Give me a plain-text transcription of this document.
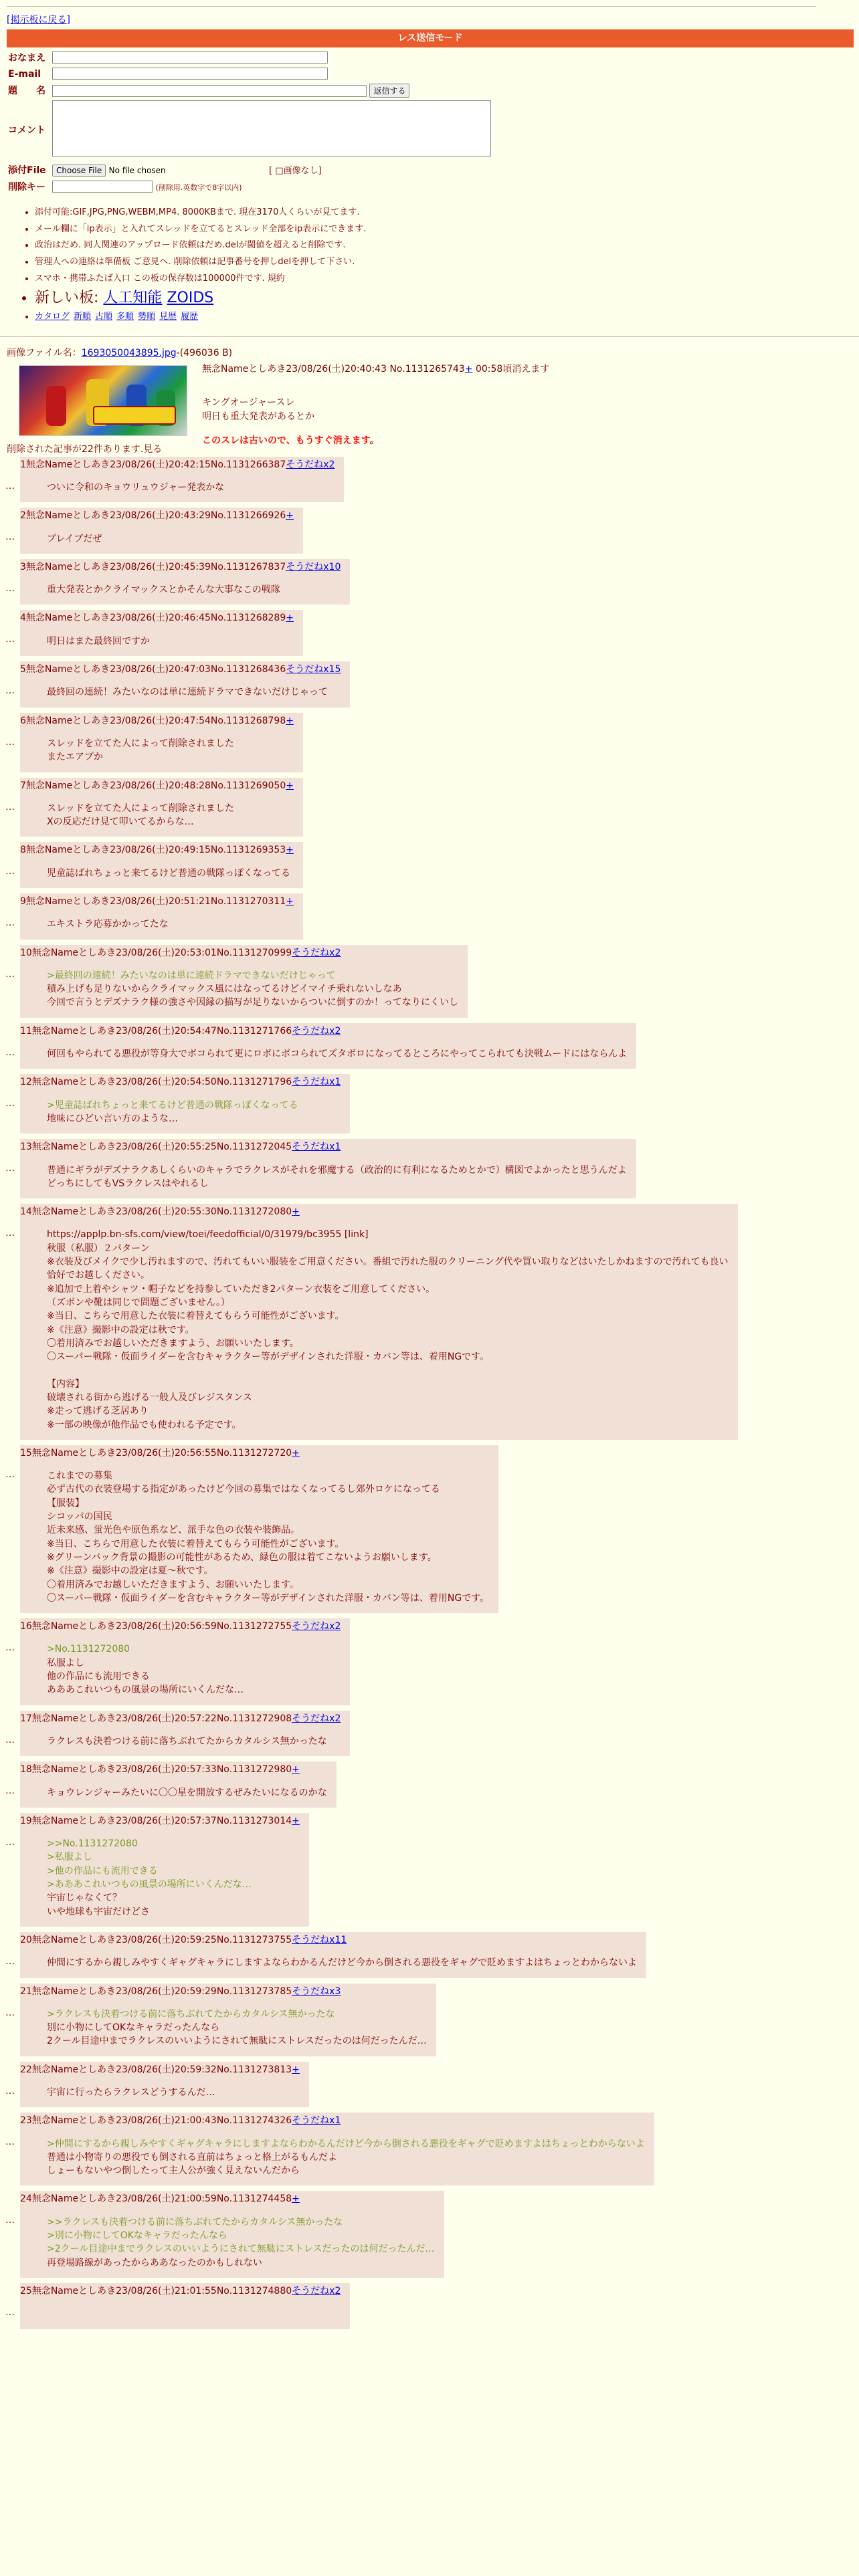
[掲示板に戻る]
レス送信モード
おなまえ	
E-mail	
題　　名	返信する
コメント	
添付File	Choose File No file chosen [ □画像なし]
削除キー	(削除用.英数字で8字以内)
• 添付可能:GIF,JPG,PNG,WEBM,MP4. 8000KBまで. 現在3170人くらいが見てます.
• メール欄に「ip表示」と入れてスレッドを立てるとスレッド全部をip表示にできます.
• 政治はだめ. 同人関連のアップロード依頼はだめ.delが閾値を超えると削除です.
• 管理人への連絡は準備板 ご意見へ. 削除依頼は記事番号を押しdelを押して下さい.
• スマホ・携帯ふたば入口 この板の保存数は100000件です. 規約
• 新しい板: 人工知能 ZOIDS
• カタログ 新順 古順 多順 勢順 見歴 履歴
画像ファイル名：1693050043895.jpg-(496036 B)
無念Nameとしあき23/08/26(土)20:40:43 No.1131265743+ 00:58頃消えます
キングオージャースレ
明日も重大発表があるとか
このスレは古いので、もうすぐ消えます。
削除された記事が22件あります.見る
…
1無念Nameとしあき23/08/26(土)20:42:15No.1131266387そうだねx2
ついに令和のキョウリュウジャー発表かな
…
2無念Nameとしあき23/08/26(土)20:43:29No.1131266926+
ブレイブだぜ
…
3無念Nameとしあき23/08/26(土)20:45:39No.1131267837そうだねx10
重大発表とかクライマックスとかそんな大事なこの戦隊
…
4無念Nameとしあき23/08/26(土)20:46:45No.1131268289+
明日はまた最終回ですか
…
5無念Nameとしあき23/08/26(土)20:47:03No.1131268436そうだねx15
最終回の連続！みたいなのは単に連続ドラマできないだけじゃって
…
6無念Nameとしあき23/08/26(土)20:47:54No.1131268798+
スレッドを立てた人によって削除されました
またエアプか
…
7無念Nameとしあき23/08/26(土)20:48:28No.1131269050+
スレッドを立てた人によって削除されました
Xの反応だけ見て叩いてるからな…
…
8無念Nameとしあき23/08/26(土)20:49:15No.1131269353+
児童誌ばれちょっと来てるけど普通の戦隊っぽくなってる
…
9無念Nameとしあき23/08/26(土)20:51:21No.1131270311+
エキストラ応募かかってたな
…
10無念Nameとしあき23/08/26(土)20:53:01No.1131270999そうだねx2
>最終回の連続！みたいなのは単に連続ドラマできないだけじゃって
積み上げも足りないからクライマックス風にはなってるけどイマイチ乗れないしなあ
今回で言うとデズナラク様の強さや因縁の描写が足りないからついに倒すのか！ってなりにくいし
…
11無念Nameとしあき23/08/26(土)20:54:47No.1131271766そうだねx2
何回もやられてる悪役が等身大でボコられて更にロボにボコられてズタボロになってるところにやってこられても決戦ムードにはならんよ
…
12無念Nameとしあき23/08/26(土)20:54:50No.1131271796そうだねx1
>児童誌ばれちょっと来てるけど普通の戦隊っぽくなってる
地味にひどい言い方のような…
…
13無念Nameとしあき23/08/26(土)20:55:25No.1131272045そうだねx1
普通にギラがデズナラクあしくらいのキャラでラクレスがそれを邪魔する（政治的に有利になるためとかで）構図でよかったと思うんだよ
どっちにしてもVSラクレスはやれるし
…
14無念Nameとしあき23/08/26(土)20:55:30No.1131272080+
https://applp.bn-sfs.com/view/toei/feedofficial/0/31979/bc3955 [link]
秋服（私服）２パターン
※衣装及びメイクで少し汚れますので、汚れてもいい服装をご用意ください。番組で汚れた服のクリーニング代や買い取りなどはいたしかねますので汚れても良い
恰好でお越しください。
※追加で上着やシャツ・帽子などを持参していただき2パターン衣装をご用意してください。
（ズボンや靴は同じで問題ございません。）
※当日、こちらで用意した衣装に着替えてもらう可能性がございます。
※《注意》撮影中の設定は秋です。
〇着用済みでお越しいただきますよう、お願いいたします。
〇スーパー戦隊・仮面ライダーを含むキャラクター等がデザインされた洋服・カバン等は、着用NGです。

【内容】
破壊される街から逃げる一般人及びレジスタンス
※走って逃げる芝居あり
※一部の映像が他作品でも使われる予定です。
…
15無念Nameとしあき23/08/26(土)20:56:55No.1131272720+
これまでの募集
必ず古代の衣装登場する指定があったけど今回の募集ではなくなってるし郊外ロケになってる
【服装】
シコッパの国民
近未来感、蛍光色や原色系など、派手な色の衣装や装飾品。
※当日、こちらで用意した衣装に着替えてもらう可能性がございます。
※グリーンバック背景の撮影の可能性があるため、緑色の服は着てこないようお願いします。
※《注意》撮影中の設定は夏～秋です。
〇着用済みでお越しいただきますよう、お願いいたします。
〇スーパー戦隊・仮面ライダーを含むキャラクター等がデザインされた洋服・カバン等は、着用NGです。
…
16無念Nameとしあき23/08/26(土)20:56:59No.1131272755そうだねx2
>No.1131272080
私服よし
他の作品にも流用できる
あああこれいつもの風景の場所にいくんだな…
…
17無念Nameとしあき23/08/26(土)20:57:22No.1131272908そうだねx2
ラクレスも決着つける前に落ちぶれてたからカタルシス無かったな
…
18無念Nameとしあき23/08/26(土)20:57:33No.1131272980+
キョウレンジャーみたいに〇〇星を開放するぜみたいになるのかな
…
19無念Nameとしあき23/08/26(土)20:57:37No.1131273014+
>>No.1131272080
>私服よし
>他の作品にも流用できる
>あああこれいつもの風景の場所にいくんだな…
宇宙じゃなくて？
いや地球も宇宙だけどさ
…
20無念Nameとしあき23/08/26(土)20:59:25No.1131273755そうだねx11
仲間にするから親しみやすくギャグキャラにしますよならわかるんだけど今から倒される悪役をギャグで貶めますよはちょっとわからないよ
…
21無念Nameとしあき23/08/26(土)20:59:29No.1131273785そうだねx3
>ラクレスも決着つける前に落ちぶれてたからカタルシス無かったな
別に小物にしてOKなキャラだったんなら
2クール目途中までラクレスのいいようにされて無駄にストレスだったのは何だったんだ…
…
22無念Nameとしあき23/08/26(土)20:59:32No.1131273813+
宇宙に行ったらラクレスどうするんだ…
…
23無念Nameとしあき23/08/26(土)21:00:43No.1131274326そうだねx1
>仲間にするから親しみやすくギャグキャラにしますよならわかるんだけど今から倒される悪役をギャグで貶めますよはちょっとわからないよ
普通は小物寄りの悪役でも倒される直前はちょっと格上がるもんだよ
しょーもないやつ倒したって主人公が強く見えないんだから
…
24無念Nameとしあき23/08/26(土)21:00:59No.1131274458+
>>ラクレスも決着つける前に落ちぶれてたからカタルシス無かったな
>別に小物にしてOKなキャラだったんなら
>2クール目途中までラクレスのいいようにされて無駄にストレスだったのは何だったんだ…
再登場路線があったからああなったのかもしれない
…
25無念Nameとしあき23/08/26(土)21:01:55No.1131274880そうだねx2
